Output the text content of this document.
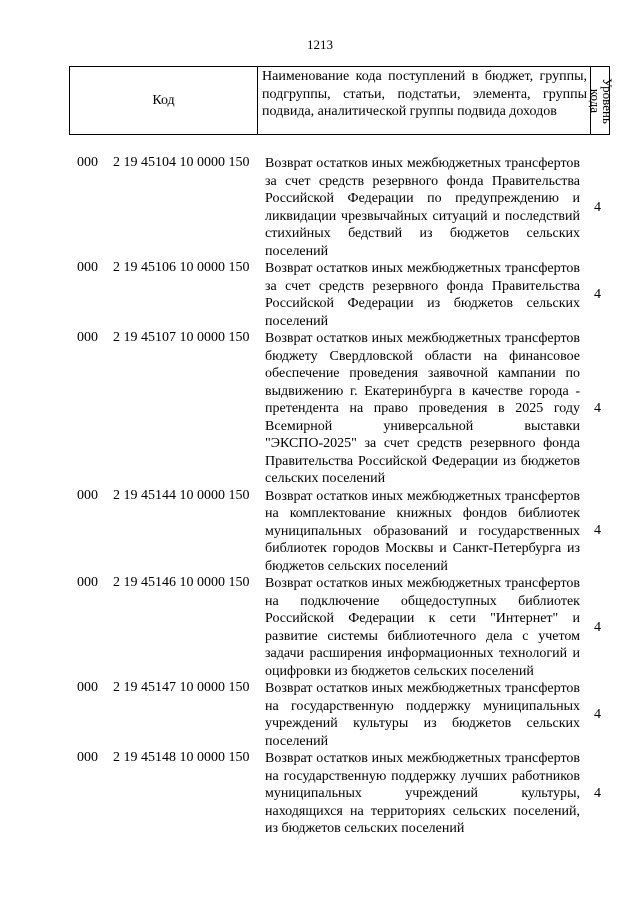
1213
Код
Наименование кода поступлений в бюджет, группы, подгруппы, статьи, подстатьи, элемента, группы подвида, аналитической группы подвида доходов	Уровень
кода
000 2 19 45104 10 0000 150 Возврат остатков иных межбюджетных трансфертов за счет средств резервного фонда Правительства Российской Федерации по предупреждению и ликвидации чрезвычайных ситуаций и последствий стихийных бедствий из бюджетов сельских поселений
4
000 2 19 45106 10 0000 150 Возврат остатков иных межбюджетных трансфертов за счет средств резервного фонда Правительства Российской Федерации из бюджетов сельских поселений
4
000 2 19 45107 10 0000 150 Возврат остатков иных межбюджетных трансфертов бюджету Свердловской области на финансовое обеспечение проведения заявочной кампании по выдвижению г. Екатеринбурга в качестве города - претендента на право проведения в 2025 году Всемирной универсальной выставки "ЭКСПО-2025" за счет средств резервного фонда Правительства Российской Федерации из бюджетов сельских поселений
4
000 2 19 45144 10 0000 150 Возврат остатков иных межбюджетных трансфертов на комплектование книжных фондов библиотек муниципальных образований и государственных библиотек городов Москвы и Санкт-Петербурга из бюджетов сельских поселений
4
000 2 19 45146 10 0000 150 Возврат остатков иных межбюджетных трансфертов на подключение общедоступных библиотек Российской Федерации к сети "Интернет" и развитие системы библиотечного дела с учетом задачи расширения информационных технологий и оцифровки из бюджетов сельских поселений
4
000 2 19 45147 10 0000 150 Возврат остатков иных межбюджетных трансфертов на государственную поддержку муниципальных учреждений культуры из бюджетов сельских поселений
4
000 2 19 45148 10 0000 150 Возврат остатков иных межбюджетных трансфертов на государственную поддержку лучших работников муниципальных учреждений культуры, находящихся на территориях сельских поселений, из бюджетов сельских поселений
4
